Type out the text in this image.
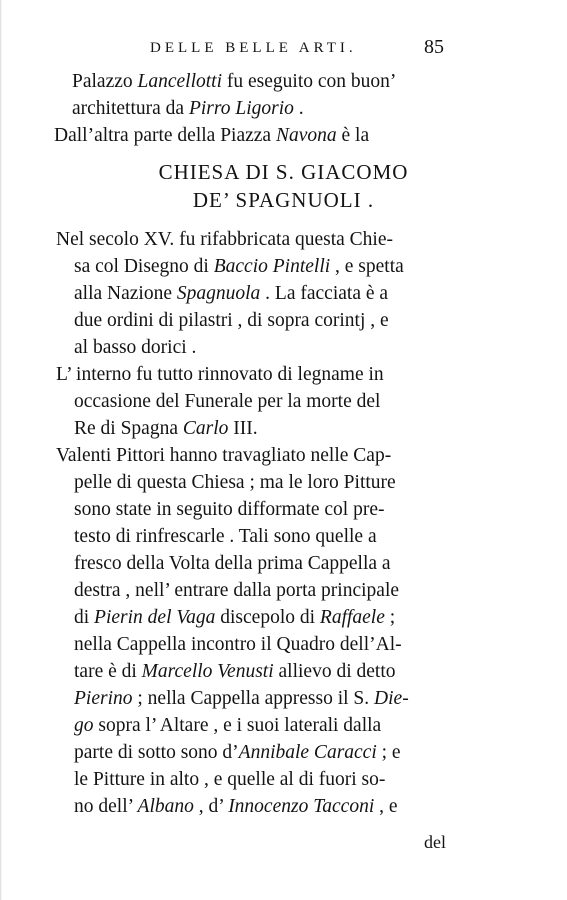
DELLE BELLE ARTI.	85
Palazzo Lancellotti fu eseguito con buon’
architettura da Pirro Ligorio .
Dall’altra parte della Piazza Navona è la
CHIESA DI S. GIACOMO
DE’ SPAGNUOLI .
Nel secolo XV. fu rifabbricata questa Chie-
sa col Disegno di Baccio Pintelli , e spetta
alla Nazione Spagnuola . La facciata è a
due ordini di pilastri , di sopra corintj , e
al basso dorici .
L’ interno fu tutto rinnovato di legname in
occasione del Funerale per la morte del
Re di Spagna Carlo III.
Valenti Pittori hanno travagliato nelle Cap-
pelle di questa Chiesa ; ma le loro Pitture
sono state in seguito difformate col pre-
testo di rinfrescarle . Tali sono quelle a
fresco della Volta della prima Cappella a
destra , nell’ entrare dalla porta principale
di Pierin del Vaga discepolo di Raffaele ;
nella Cappella incontro il Quadro dell’Al-
tare è di Marcello Venusti allievo di detto
Pierino ; nella Cappella appresso il S. Die-
go sopra l’ Altare , e i suoi laterali dalla
parte di sotto sono d’Annibale Caracci ; e
le Pitture in alto , e quelle al di fuori so-
no dell’ Albano , d’ Innocenzo Tacconi , e
del
